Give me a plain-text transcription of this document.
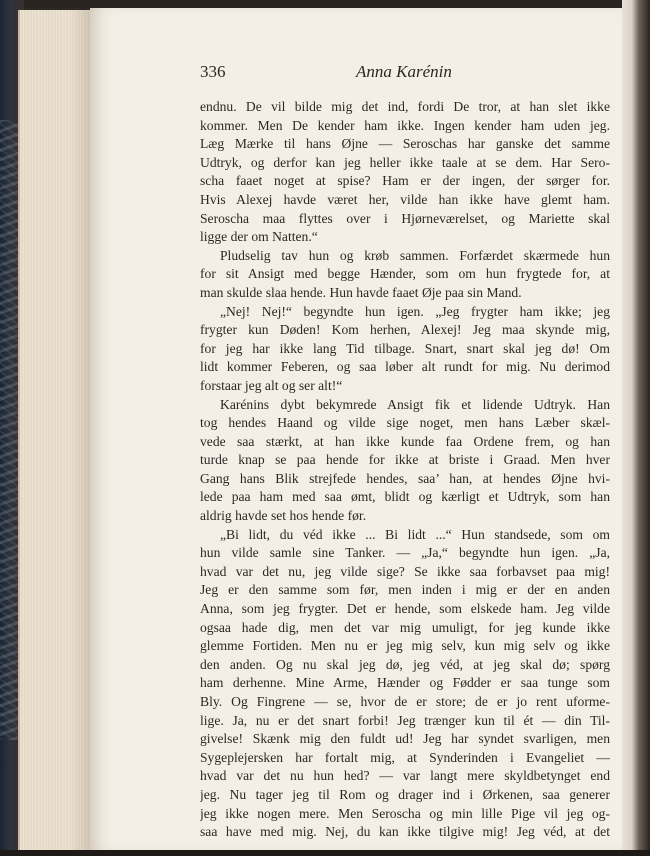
336	Anna Karénin
endnu. De vil bilde mig det ind, fordi De tror, at han slet ikke
kommer. Men De kender ham ikke. Ingen kender ham uden jeg.
Læg Mærke til hans Øjne — Seroschas har ganske det samme
Udtryk, og derfor kan jeg heller ikke taale at se dem. Har Sero-
scha faaet noget at spise? Ham er der ingen, der sørger for.
Hvis Alexej havde været her, vilde han ikke have glemt ham.
Seroscha maa flyttes over i Hjørneværelset, og Mariette skal
ligge der om Natten.“
Pludselig tav hun og krøb sammen. Forfærdet skærmede hun
for sit Ansigt med begge Hænder, som om hun frygtede for, at
man skulde slaa hende. Hun havde faaet Øje paa sin Mand.
„Nej! Nej!“ begyndte hun igen. „Jeg frygter ham ikke; jeg
frygter kun Døden! Kom herhen, Alexej! Jeg maa skynde mig,
for jeg har ikke lang Tid tilbage. Snart, snart skal jeg dø! Om
lidt kommer Feberen, og saa løber alt rundt for mig. Nu derimod
forstaar jeg alt og ser alt!“
Karénins dybt bekymrede Ansigt fik et lidende Udtryk. Han
tog hendes Haand og vilde sige noget, men hans Læber skæl-
vede saa stærkt, at han ikke kunde faa Ordene frem, og han
turde knap se paa hende for ikke at briste i Graad. Men hver
Gang hans Blik strejfede hendes, saa’ han, at hendes Øjne hvi-
lede paa ham med saa ømt, blidt og kærligt et Udtryk, som han
aldrig havde set hos hende før.
„Bi lidt, du véd ikke ... Bi lidt ...“ Hun standsede, som om
hun vilde samle sine Tanker. — „Ja,“ begyndte hun igen. „Ja,
hvad var det nu, jeg vilde sige? Se ikke saa forbavset paa mig!
Jeg er den samme som før, men inden i mig er der en anden
Anna, som jeg frygter. Det er hende, som elskede ham. Jeg vilde
ogsaa hade dig, men det var mig umuligt, for jeg kunde ikke
glemme Fortiden. Men nu er jeg mig selv, kun mig selv og ikke
den anden. Og nu skal jeg dø, jeg véd, at jeg skal dø; spørg
ham derhenne. Mine Arme, Hænder og Fødder er saa tunge som
Bly. Og Fingrene — se, hvor de er store; de er jo rent uforme-
lige. Ja, nu er det snart forbi! Jeg trænger kun til ét — din Til-
givelse! Skænk mig den fuldt ud! Jeg har syndet svarligen, men
Sygeplejersken har fortalt mig, at Synderinden i Evangeliet —
hvad var det nu hun hed? — var langt mere skyldbetynget end
jeg. Nu tager jeg til Rom og drager ind i Ørkenen, saa generer
jeg ikke nogen mere. Men Seroscha og min lille Pige vil jeg og-
saa have med mig. Nej, du kan ikke tilgive mig! Jeg véd, at det
